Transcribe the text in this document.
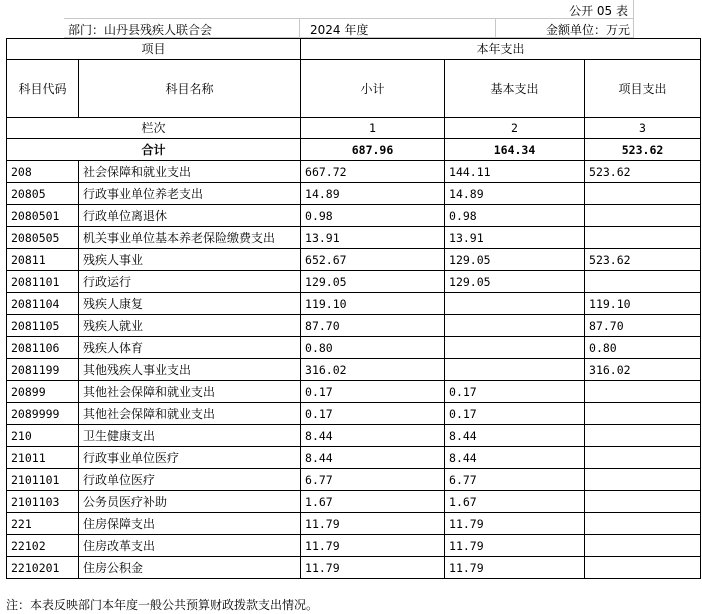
公开 05 表
部门：山丹县残疾人联合会	2024 年度	金额单位：万元
项目		本年支出		
科目代码	科目名称	小计	基本支出	项目支出
栏次		1	2	3
合计		687.96	164.34	523.62
208	社会保障和就业支出	667.72	144.11	523.62
20805	行政事业单位养老支出	14.89	14.89	
2080501	行政单位离退休	0.98	0.98	
2080505	机关事业单位基本养老保险缴费支出	13.91	13.91	
20811	残疾人事业	652.67	129.05	523.62
2081101	行政运行	129.05	129.05	
2081104	残疾人康复	119.10		119.10
2081105	残疾人就业	87.70		87.70
2081106	残疾人体育	0.80		0.80
2081199	其他残疾人事业支出	316.02		316.02
20899	其他社会保障和就业支出	0.17	0.17	
2089999	其他社会保障和就业支出	0.17	0.17	
210	卫生健康支出	8.44	8.44	
21011	行政事业单位医疗	8.44	8.44	
2101101	行政单位医疗	6.77	6.77	
2101103	公务员医疗补助	1.67	1.67	
221	住房保障支出	11.79	11.79	
22102	住房改革支出	11.79	11.79	
2210201	住房公积金	11.79	11.79	
注：本表反映部门本年度一般公共预算财政拨款支出情况。
